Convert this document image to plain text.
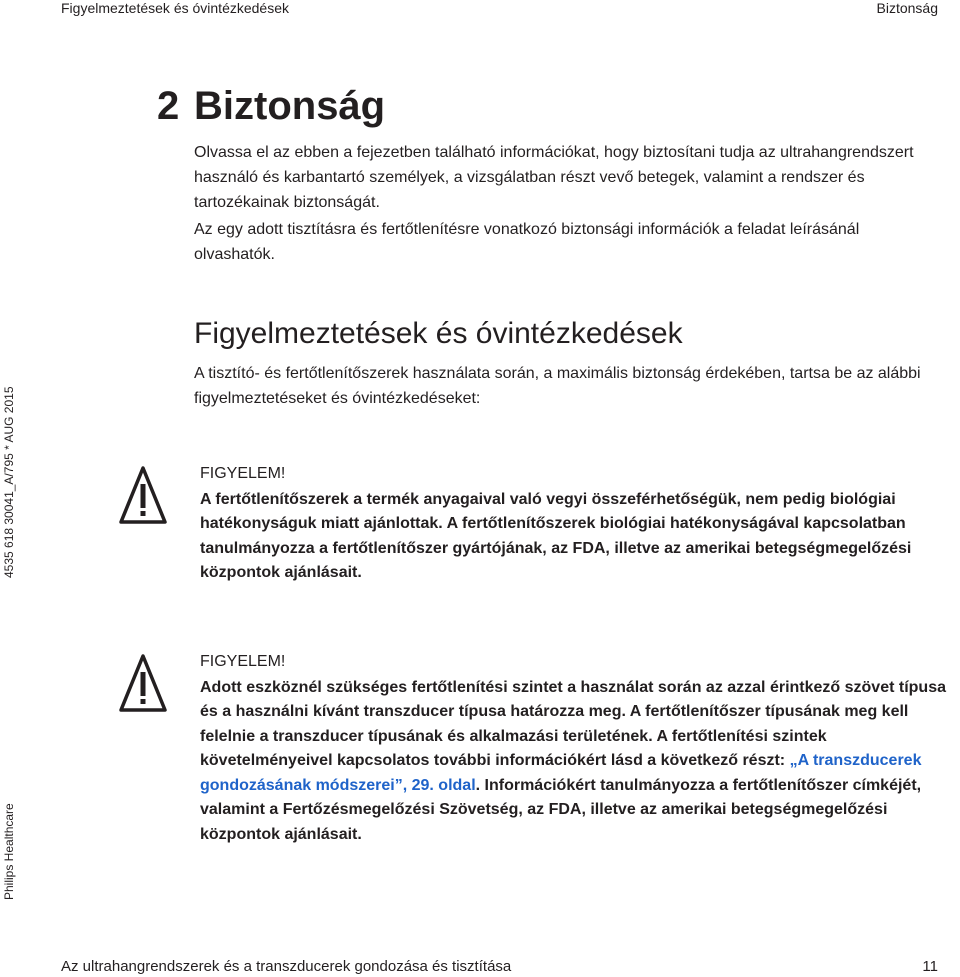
Figyelmeztetések és óvintézkedések	Biztonság
2 Biztonság
Olvassa el az ebben a fejezetben található információkat, hogy biztosítani tudja az ultrahangrendszert használó és karbantartó személyek, a vizsgálatban részt vevő betegek, valamint a rendszer és tartozékainak biztonságát.
Az egy adott tisztításra és fertőtlenítésre vonatkozó biztonsági információk a feladat leírásánál olvashatók.
Figyelmeztetések és óvintézkedések
A tisztító- és fertőtlenítőszerek használata során, a maximális biztonság érdekében, tartsa be az alábbi figyelmeztetéseket és óvintézkedéseket:
FIGYELEM!
A fertőtlenítőszerek a termék anyagaival való vegyi összeférhetőségük, nem pedig biológiai hatékonyságuk miatt ajánlottak. A fertőtlenítőszerek biológiai hatékonyságával kapcsolatban tanulmányozza a fertőtlenítőszer gyártójának, az FDA, illetve az amerikai betegségmegelőzési központok ajánlásait.
FIGYELEM!
Adott eszköznél szükséges fertőtlenítési szintet a használat során az azzal érintkező szövet típusa és a használni kívánt transzducer típusa határozza meg. A fertőtlenítőszer típusának meg kell felelnie a transzducer típusának és alkalmazási területének. A fertőtlenítési szintek követelményeivel kapcsolatos további információkért lásd a következő részt: „A transzducerek gondozásának módszerei”, 29. oldal. Információkért tanulmányozza a fertőtlenítőszer címkéjét, valamint a Fertőzésmegelőzési Szövetség, az FDA, illetve az amerikai betegségmegelőzési központok ajánlásait.
4535 618 30041_A/795 * AUG 2015
Philips Healthcare
Az ultrahangrendszerek és a transzducerek gondozása és tisztítása	11
